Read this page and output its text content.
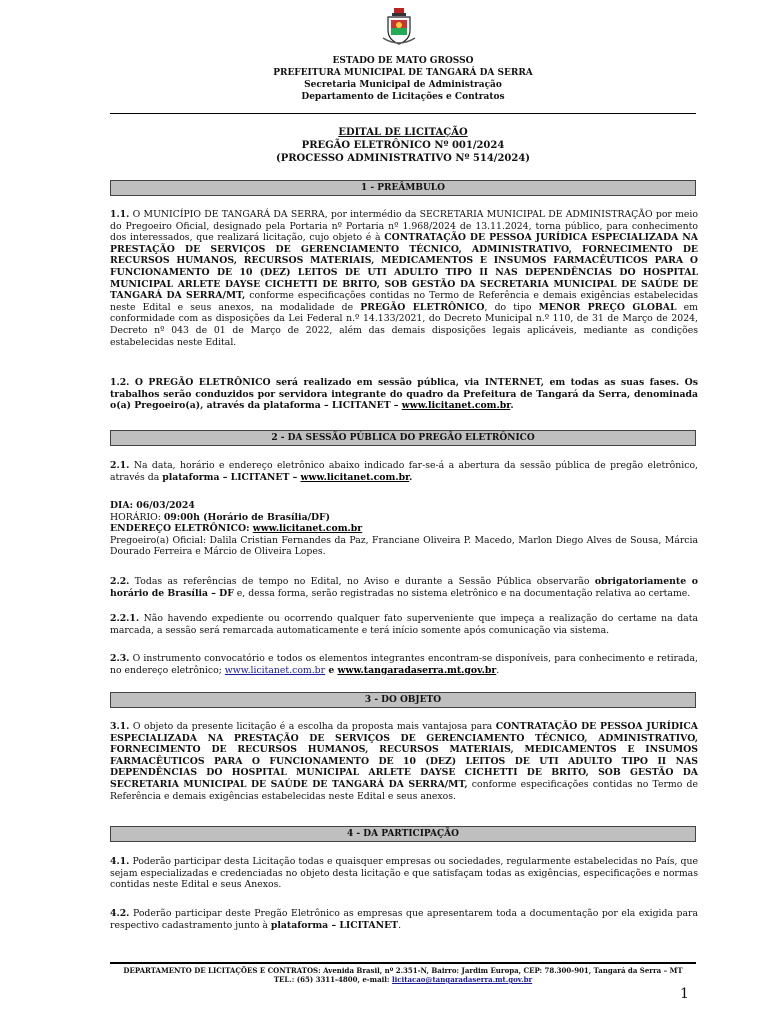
ESTADO DE MATO GROSSO
PREFEITURA MUNICIPAL DE TANGARÁ DA SERRA
Secretaria Municipal de Administração
Departamento de Licitações e Contratos
EDITAL DE LICITAÇÃO
PREGÃO ELETRÔNICO Nº 001/2024
(PROCESSO ADMINISTRATIVO Nº 514/2024)
1 - PREÂMBULO
1.1. O MUNICÍPIO DE TANGARÁ DA SERRA, por intermédio da SECRETARIA MUNICIPAL DE ADMINISTRAÇÃO por meio do Pregoeiro Oficial, designado pela Portaria nº Portaria nº 1.968/2024 de 13.11.2024, torna público, para conhecimento dos interessados, que realizará licitação, cujo objeto é à CONTRATAÇÃO DE PESSOA JURÍDICA ESPECIALIZADA NA PRESTAÇÃO DE SERVIÇOS DE GERENCIAMENTO TÉCNICO, ADMINISTRATIVO, FORNECIMENTO DE RECURSOS HUMANOS, RECURSOS MATERIAIS, MEDICAMENTOS E INSUMOS FARMACÊUTICOS PARA O FUNCIONAMENTO DE 10 (DEZ) LEITOS DE UTI ADULTO TIPO II NAS DEPENDÊNCIAS DO HOSPITAL MUNICIPAL ARLETE DAYSE CICHETTI DE BRITO, SOB GESTÃO DA SECRETARIA MUNICIPAL DE SAÚDE DE TANGARÁ DA SERRA/MT, conforme especificações contidas no Termo de Referência e demais exigências estabelecidas neste Edital e seus anexos, na modalidade de PREGÃO ELETRÔNICO, do tipo MENOR PREÇO GLOBAL em conformidade com as disposições da Lei Federal n.º 14.133/2021, do Decreto Municipal n.º 110, de 31 de Março de 2024, Decreto nº 043 de 01 de Março de 2022, além das demais disposições legais aplicáveis, mediante as condições estabelecidas neste Edital.
1.2. O PREGÃO ELETRÔNICO será realizado em sessão pública, via INTERNET, em todas as suas fases. Os trabalhos serão conduzidos por servidora integrante do quadro da Prefeitura de Tangará da Serra, denominada o(a) Pregoeiro(a), através da plataforma – LICITANET – www.licitanet.com.br.
2 - DA SESSÃO PÚBLICA DO PREGÃO ELETRÔNICO
2.1. Na data, horário e endereço eletrônico abaixo indicado far-se-á a abertura da sessão pública de pregão eletrônico, através da plataforma – LICITANET – www.licitanet.com.br.
DIA: 06/03/2024
HORÁRIO: 09:00h (Horário de Brasília/DF)
ENDEREÇO ELETRÔNICO: www.licitanet.com.br
Pregoeiro(a) Oficial: Dalila Cristian Fernandes da Paz, Franciane Oliveira P. Macedo, Marlon Diego Alves de Sousa, Márcia Dourado Ferreira e Márcio de Oliveira Lopes.
2.2. Todas as referências de tempo no Edital, no Aviso e durante a Sessão Pública observarão obrigatoriamente o horário de Brasília – DF e, dessa forma, serão registradas no sistema eletrônico e na documentação relativa ao certame.
2.2.1. Não havendo expediente ou ocorrendo qualquer fato superveniente que impeça a realização do certame na data marcada, a sessão será remarcada automaticamente e terá início somente após comunicação via sistema.
2.3. O instrumento convocatório e todos os elementos integrantes encontram-se disponíveis, para conhecimento e retirada, no endereço eletrônico; www.licitanet.com.br e www.tangaradaserra.mt.gov.br.
3 - DO OBJETO
3.1. O objeto da presente licitação é a escolha da proposta mais vantajosa para CONTRATAÇÃO DE PESSOA JURÍDICA ESPECIALIZADA NA PRESTAÇÃO DE SERVIÇOS DE GERENCIAMENTO TÉCNICO, ADMINISTRATIVO, FORNECIMENTO DE RECURSOS HUMANOS, RECURSOS MATERIAIS, MEDICAMENTOS E INSUMOS FARMACÊUTICOS PARA O FUNCIONAMENTO DE 10 (DEZ) LEITOS DE UTI ADULTO TIPO II NAS DEPENDÊNCIAS DO HOSPITAL MUNICIPAL ARLETE DAYSE CICHETTI DE BRITO, SOB GESTÃO DA SECRETARIA MUNICIPAL DE SAÚDE DE TANGARÁ DA SERRA/MT, conforme especificações contidas no Termo de Referência e demais exigências estabelecidas neste Edital e seus anexos.
4 - DA PARTICIPAÇÃO
4.1. Poderão participar desta Licitação todas e quaisquer empresas ou sociedades, regularmente estabelecidas no País, que sejam especializadas e credenciadas no objeto desta licitação e que satisfaçam todas as exigências, especificações e normas contidas neste Edital e seus Anexos.
4.2. Poderão participar deste Pregão Eletrônico as empresas que apresentarem toda a documentação por ela exigida para respectivo cadastramento junto à plataforma – LICITANET.
DEPARTAMENTO DE LICITAÇÕES E CONTRATOS: Avenida Brasil, nº 2.351-N, Bairro: Jardim Europa, CEP: 78.300-901, Tangará da Serra – MT
TEL.: (65) 3311-4800, e-mail: licitacao@tangaradaserra.mt.gov.br
1
